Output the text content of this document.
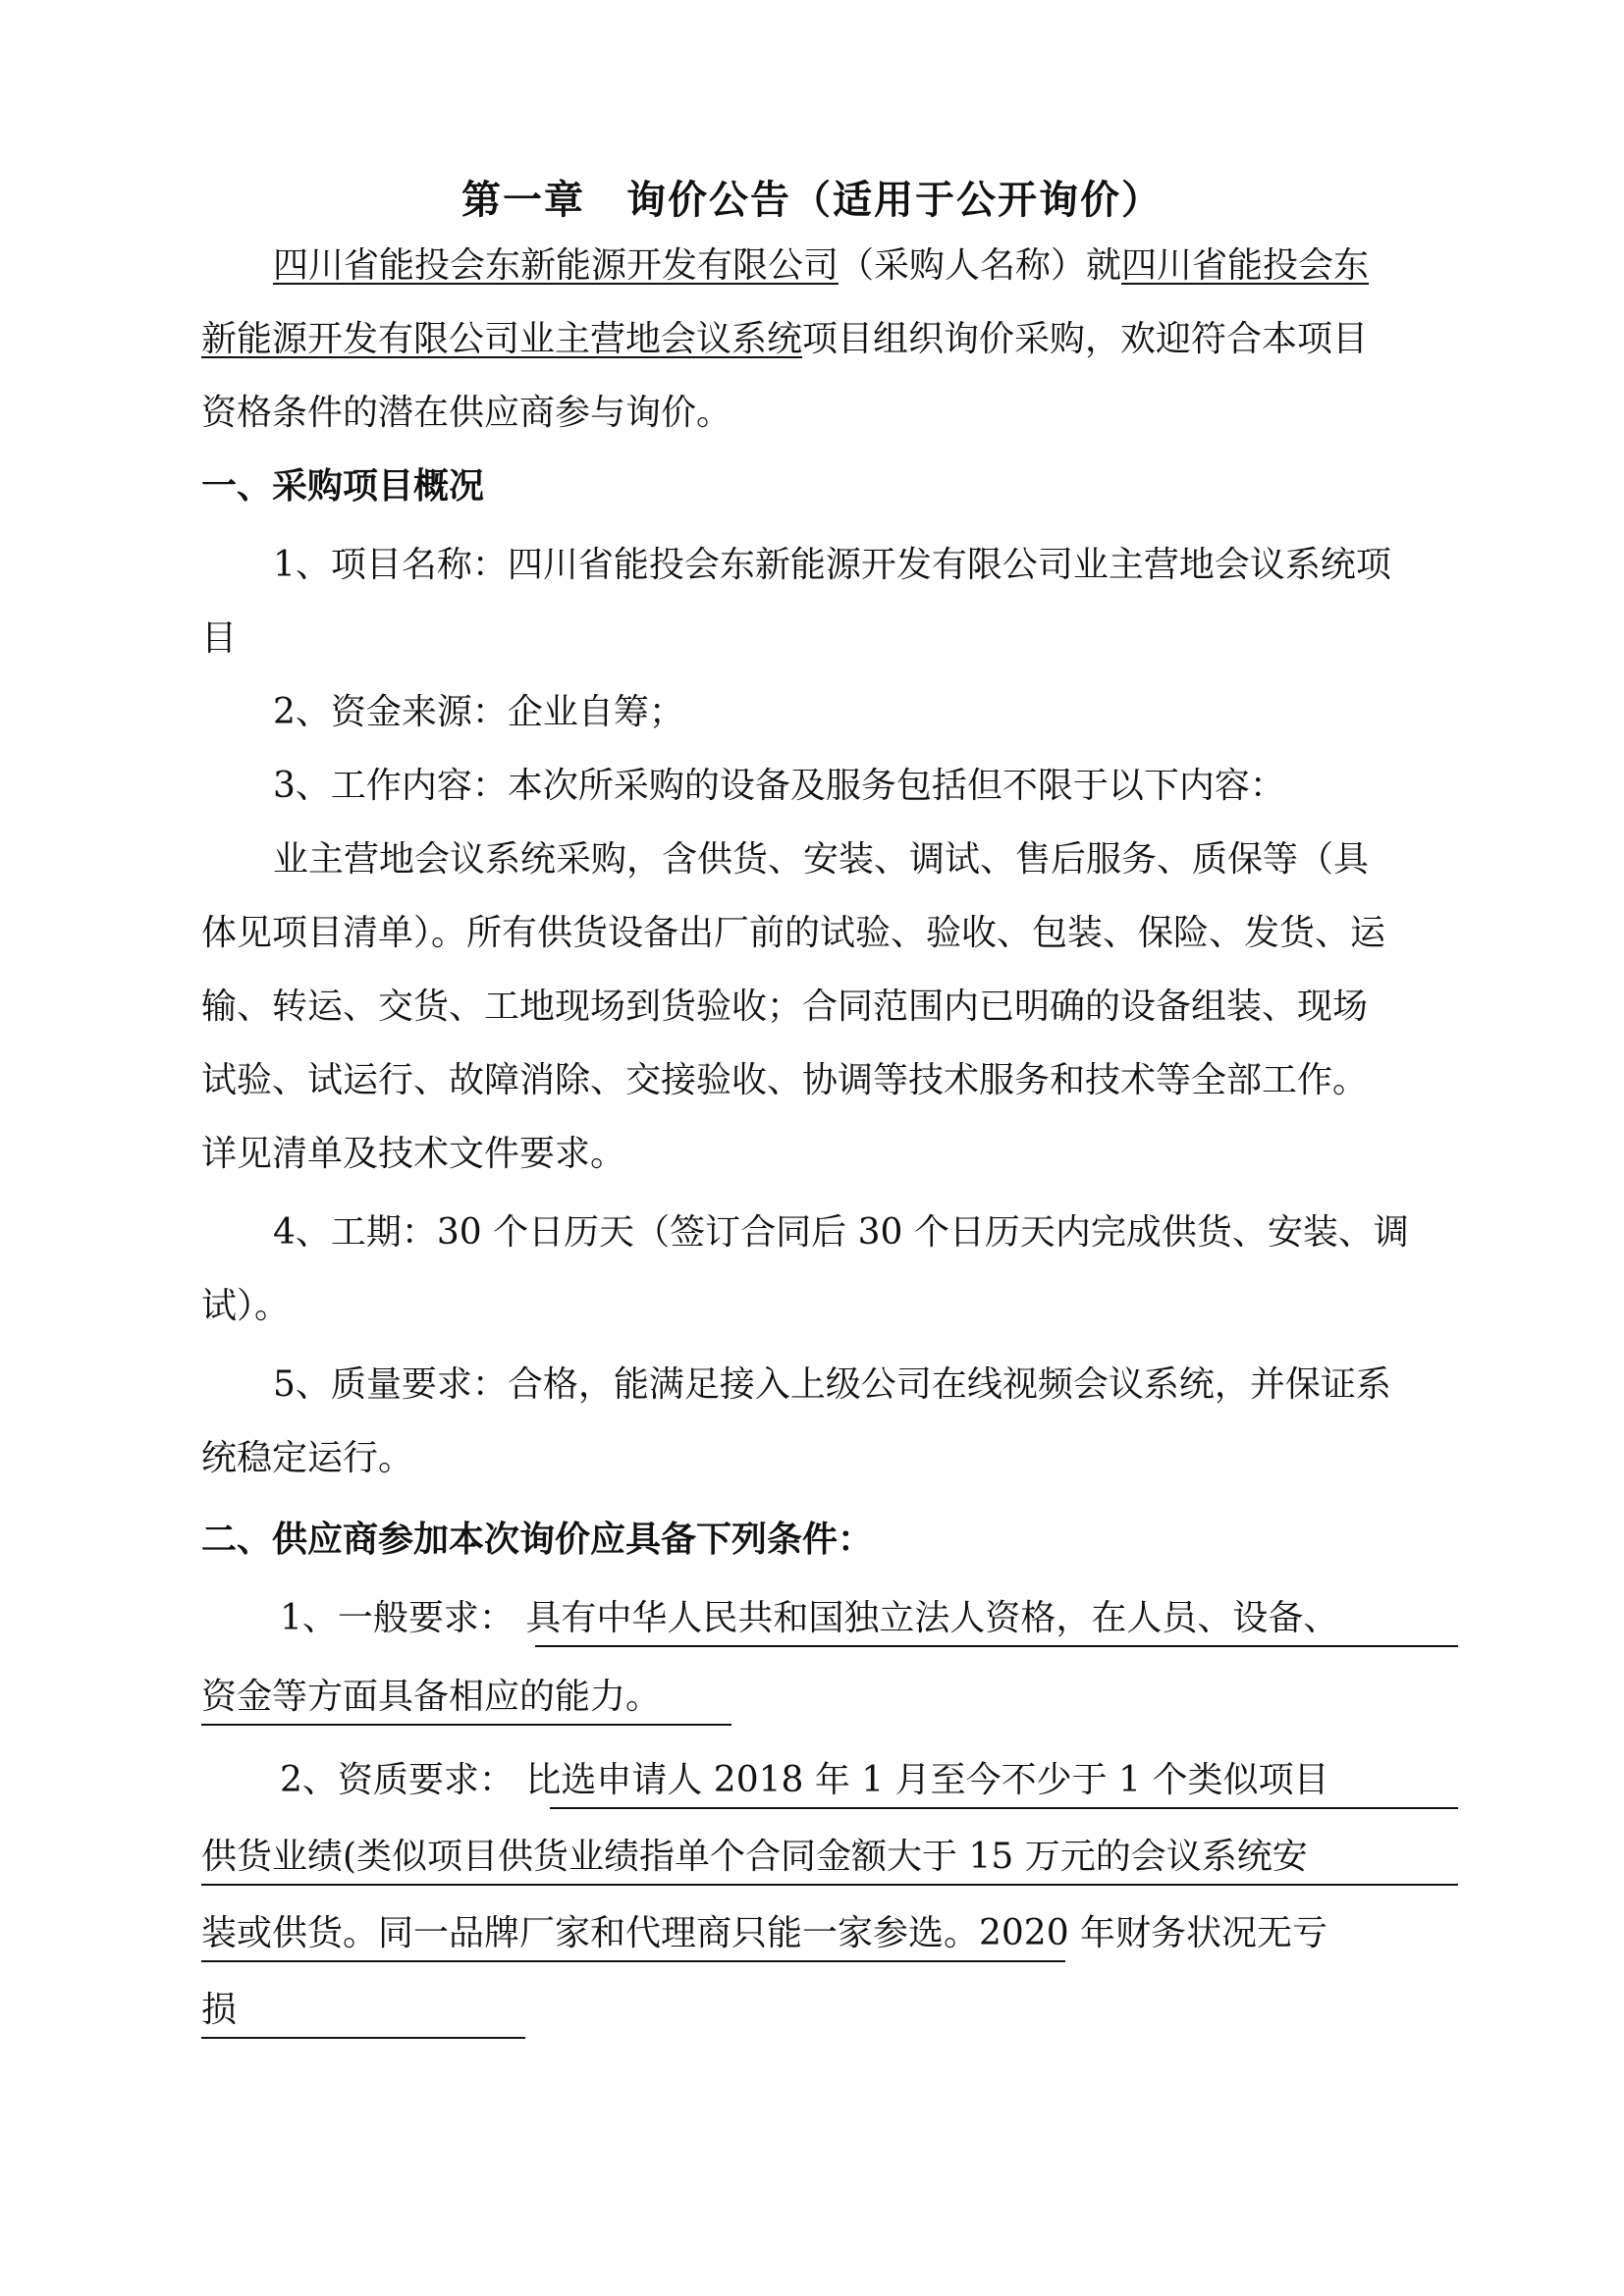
第一章　询价公告（适用于公开询价）
四川省能投会东新能源开发有限公司（采购人名称）就四川省能投会东
新能源开发有限公司业主营地会议系统项目组织询价采购，欢迎符合本项目
资格条件的潜在供应商参与询价。
一、采购项目概况
1、项目名称：四川省能投会东新能源开发有限公司业主营地会议系统项
目
2、资金来源：企业自筹；
3、工作内容：本次所采购的设备及服务包括但不限于以下内容：
业主营地会议系统采购，含供货、安装、调试、售后服务、质保等（具
体见项目清单）。所有供货设备出厂前的试验、验收、包装、保险、发货、运
输、转运、交货、工地现场到货验收；合同范围内已明确的设备组装、现场
试验、试运行、故障消除、交接验收、协调等技术服务和技术等全部工作。
详见清单及技术文件要求。
4、工期：30 个日历天（签订合同后 30 个日历天内完成供货、安装、调
试）。
5、质量要求：合格，能满足接入上级公司在线视频会议系统，并保证系
统稳定运行。
二、供应商参加本次询价应具备下列条件：
1、一般要求： 具有中华人民共和国独立法人资格，在人员、设备、
资金等方面具备相应的能力。
2、资质要求： 比选申请人 2018 年 1 月至今不少于 1 个类似项目
供货业绩(类似项目供货业绩指单个合同金额大于 15 万元的会议系统安
装或供货。同一品牌厂家和代理商只能一家参选。2020 年财务状况无亏
损
